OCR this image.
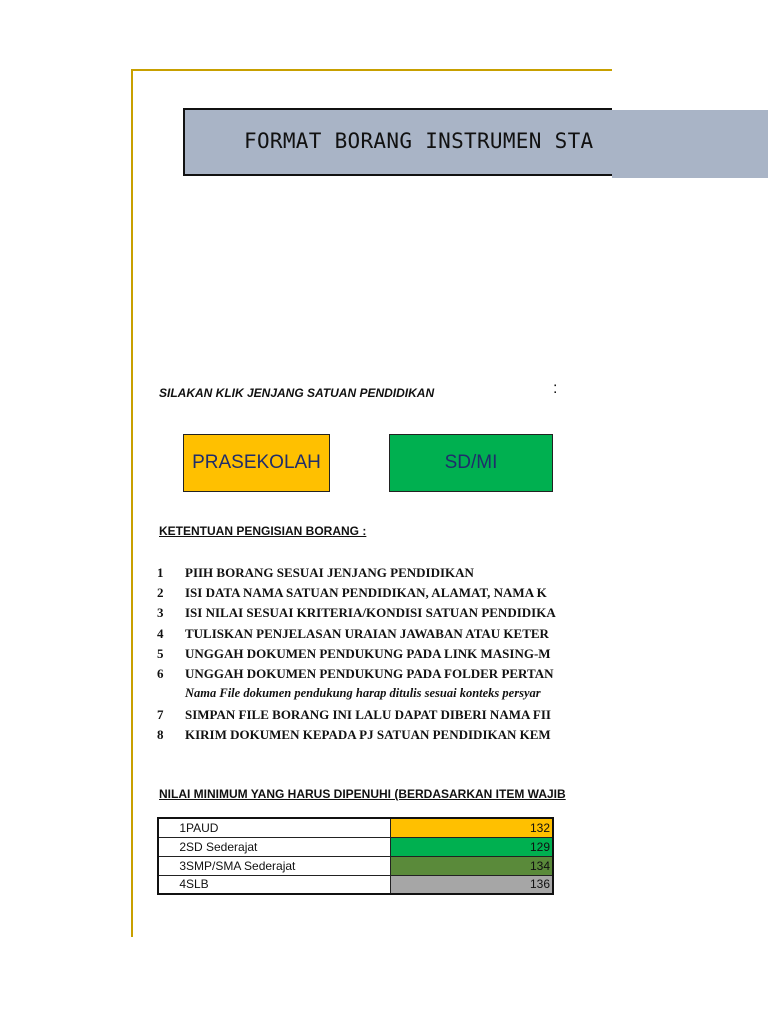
FORMAT BORANG INSTRUMEN STA
SILAKAN KLIK JENJANG SATUAN PENDIDIKAN	:
PRASEKOLAH	SD/MI
KETENTUAN PENGISIAN BORANG :
1	PIIH BORANG SESUAI JENJANG PENDIDIKAN
2	ISI DATA NAMA SATUAN PENDIDIKAN, ALAMAT, NAMA K
3	ISI NILAI SESUAI KRITERIA/KONDISI SATUAN PENDIDIKA
4	TULISKAN PENJELASAN URAIAN JAWABAN ATAU KETER
5	UNGGAH DOKUMEN PENDUKUNG PADA LINK MASING-M
6	UNGGAH DOKUMEN PENDUKUNG PADA FOLDER PERTAN
Nama File dokumen pendukung harap ditulis sesuai konteks persyar
7	SIMPAN FILE BORANG INI LALU DAPAT DIBERI NAMA FII
8	KIRIM DOKUMEN KEPADA PJ SATUAN PENDIDIKAN KEM
NILAI MINIMUM YANG HARUS DIPENUHI (BERDASARKAN ITEM WAJIB
1	PAUD	132
2	SD Sederajat	129
3	SMP/SMA Sederajat	134
4	SLB	136
